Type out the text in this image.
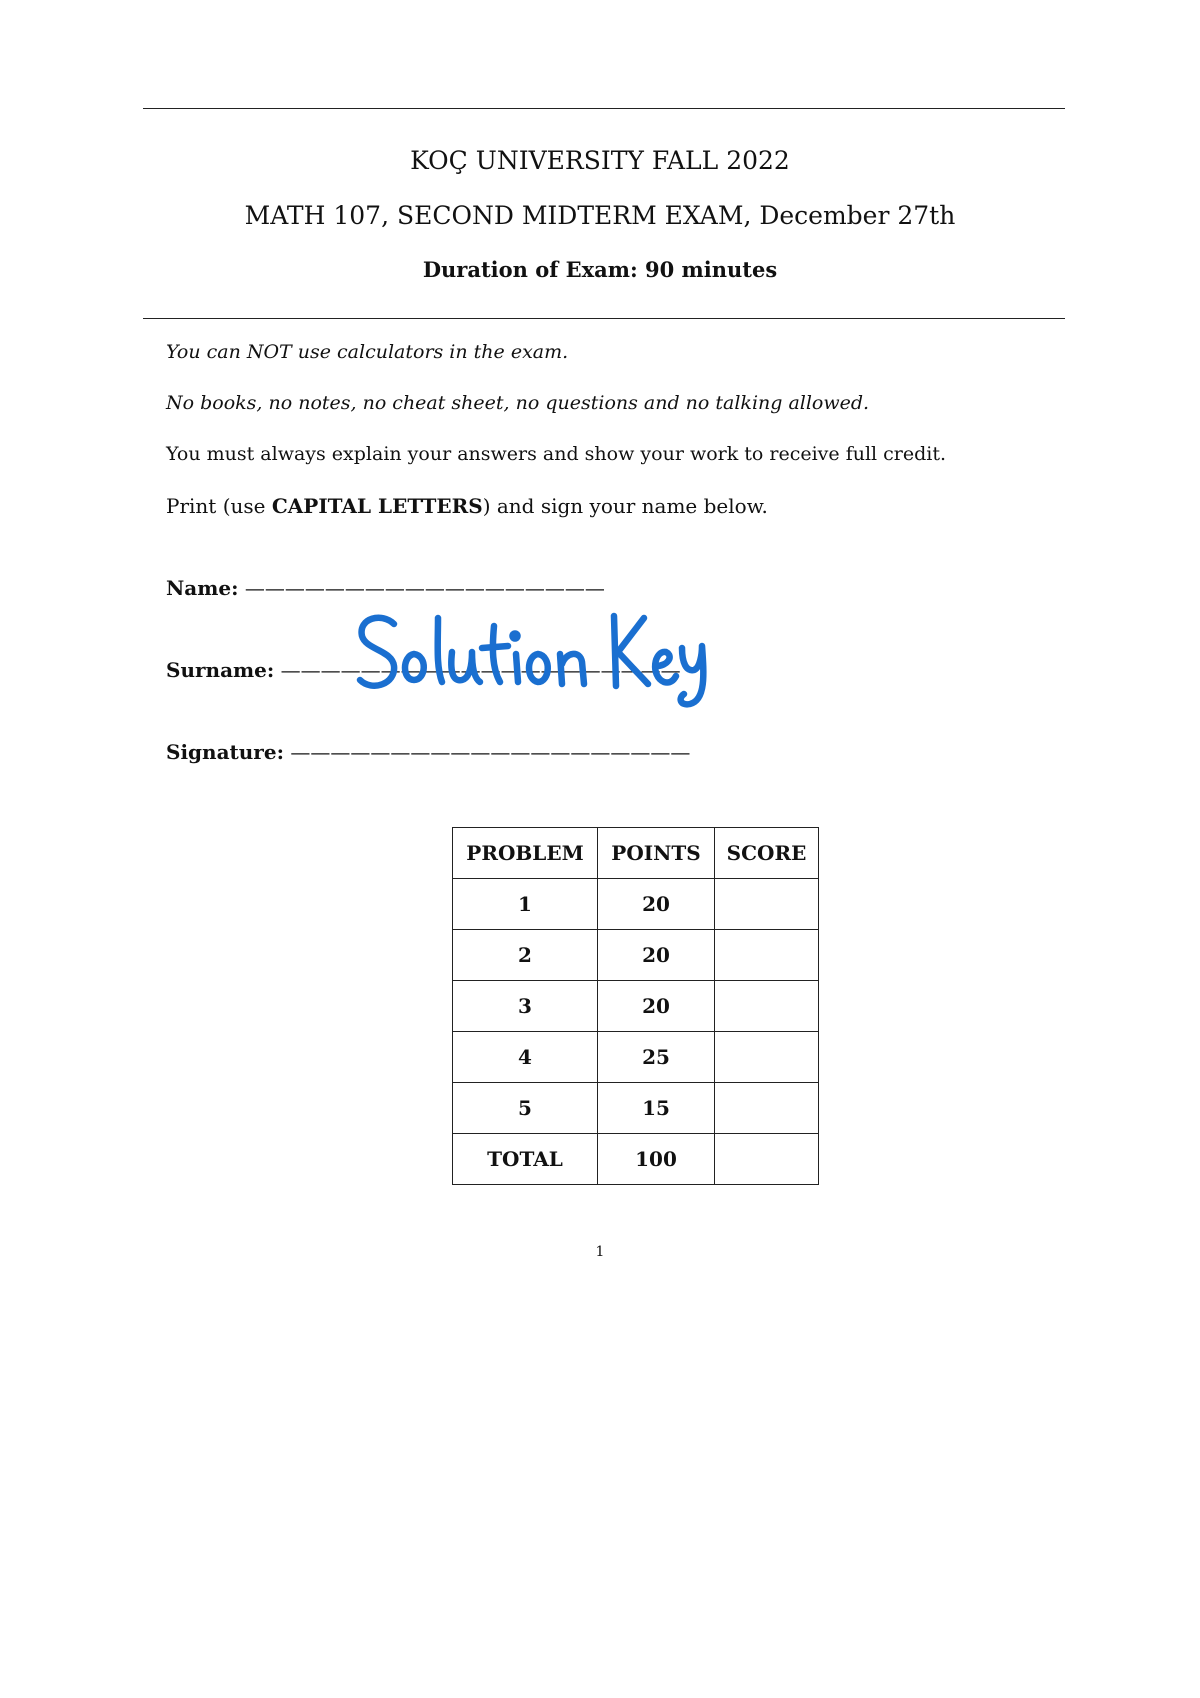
KOÇ UNIVERSITY FALL 2022
MATH 107, SECOND MIDTERM EXAM, December 27th
Duration of Exam: 90 minutes
You can NOT use calculators in the exam.
No books, no notes, no cheat sheet, no questions and no talking allowed.
You must always explain your answers and show your work to receive full credit.
Print (use CAPITAL LETTERS) and sign your name below.
Name: ——————————————————
Surname: ————————————————————
Signature: ————————————————————
PROBLEM	POINTS	SCORE
1	20	
2	20	
3	20	
4	25	
5	15	
TOTAL	100	
1
